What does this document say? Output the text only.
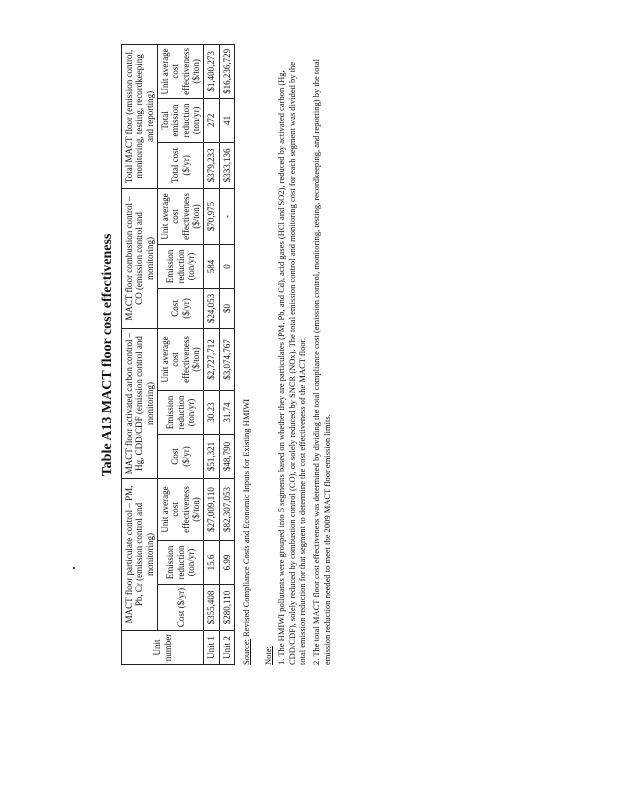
Table A13 MACT floor cost effectiveness
Unit number	MACT floor particulate control – PM, Pb, Cr (emission control and monitoring)			MACT floor activated carbon control – Hg, CDD/CDF (emission control and monitoring)			MACT floor combustion control – CO (emission control and monitoring)			Total MACT floor (emission control, monitoring, testing, recordkeeping and reporting)		
	Cost ($/yr)	Emission reduction (ton/yr)	Unit average cost effectiveness ($/ton)	Cost ($/yr)	Emission reduction (ton/yr)	Unit average cost effectiveness ($/ton)	Cost ($/yr)	Emission reduction (ton/yr)	Unit average cost effectiveness ($/ton)	Total cost ($/yr)	Total emission reduction (ton/yr)	Unit average cost effectiveness ($/ton)
Unit 1	$355,408	15.6	$27,009,110	$51,321	30.23	$2,727,712	$24,053	584	$70,975	$379,233	272	$1,400,273
Unit 2	$280,110	6.99	$82,307,053	$48,790	31.74	$3,074,767	$0	0	-	$333,136	41	$16,236,729
Source: Revised Compliance Costs and Economic Inputs for Existing HMIWI
Note: 1. The HMIWI pollutants were grouped into 5 segments based on whether they are particulates (PM, Pb, and Cd), acid gases (HCl and SO2), reduced by activated carbon (Hg, CDD/CDF), solely reduced by combustion control (CO), or solely reduced by SNCR (NOx). The total emission control and monitoring cost for each segment was divided by the total emission reduction for that segment to determine the cost effectiveness of the MACT floor. 2. The total MACT floor cost effectiveness was determined by dividing the total compliance cost (emission control, monitoring, testing, recordkeeping, and reporting) by the total emission reduction needed to meet the 2009 MACT floor emission limits.
